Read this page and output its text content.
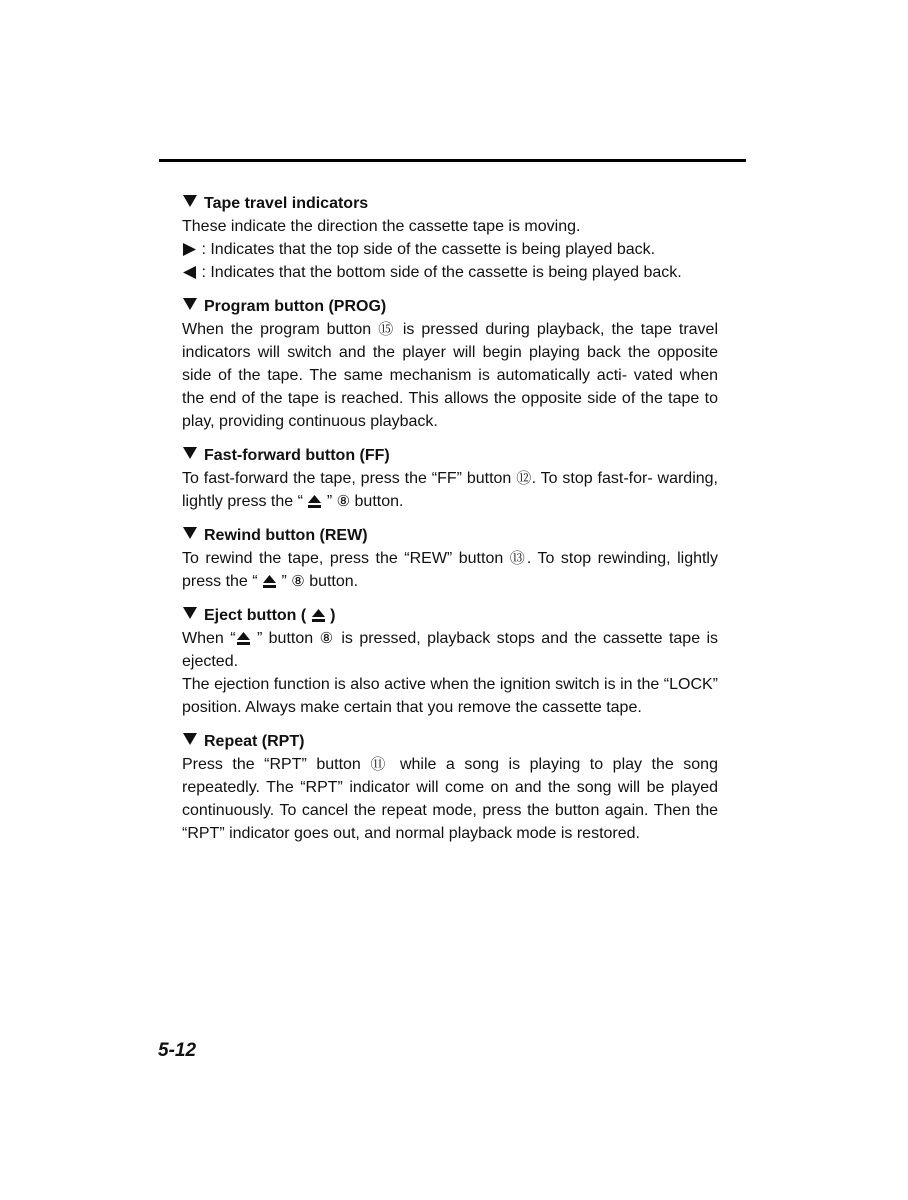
Tape travel indicators

These indicate the direction the cassette tape is moving.
: Indicates that the top side of the cassette is being played back.
: Indicates that the bottom side of the cassette is being played back.

Program button (PROG)

When the program button ⑮ is pressed during playback, the tape travel indicators will switch and the player will begin playing back the opposite side of the tape. The same mechanism is automatically acti- vated when the end of the tape is reached. This allows the opposite side of the tape to play, providing continuous playback.

Fast-forward button (FF)

To fast-forward the tape, press the “FF” button ⑫. To stop fast-for- warding, lightly press the “ ” ⑧ button.

Rewind button (REW)

To rewind the tape, press the “REW” button ⑬. To stop rewinding, lightly press the “ ” ⑧ button.

Eject button ( )

When “ ” button ⑧ is pressed, playback stops and the cassette tape is ejected.
The ejection function is also active when the ignition switch is in the “LOCK” position. Always make certain that you remove the cassette tape.

Repeat (RPT)

Press the “RPT” button ⑪ while a song is playing to play the song repeatedly. The “RPT” indicator will come on and the song will be played continuously. To cancel the repeat mode, press the button again. Then the “RPT” indicator goes out, and normal playback mode is restored.

5-12
